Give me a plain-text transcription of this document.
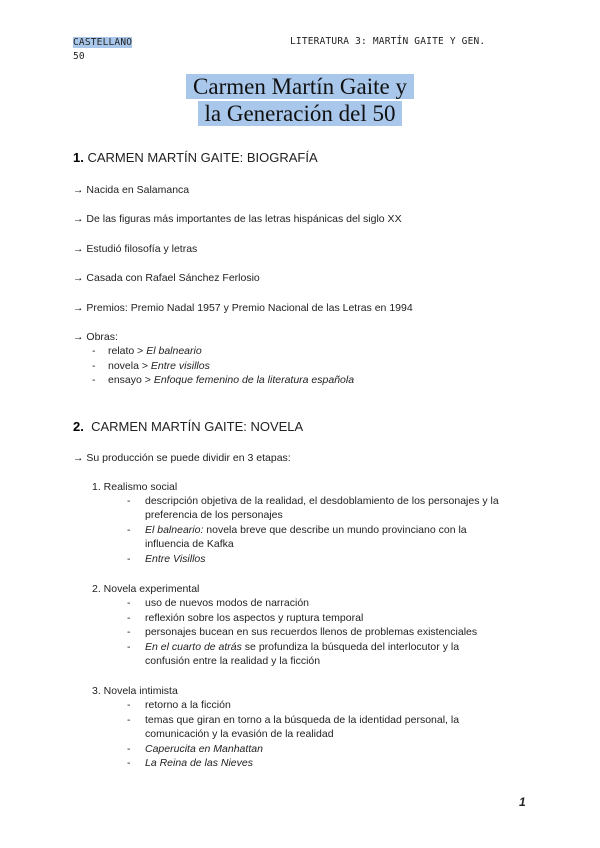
CASTELLANO
50
LITERATURA 3: MARTÍN GAITE Y GEN.
Carmen Martín Gaite y
la Generación del 50
1. CARMEN MARTÍN GAITE: BIOGRAFÍA
→ Nacida en Salamanca
→ De las figuras más importantes de las letras hispánicas del siglo XX
→ Estudió filosofía y letras
→ Casada con Rafael Sánchez Ferlosio
→ Premios: Premio Nadal 1957 y Premio Nacional de las Letras en 1994
→ Obras:
- relato > El balneario
- novela > Entre visillos
- ensayo > Enfoque femenino de la literatura española
2. CARMEN MARTÍN GAITE: NOVELA
→ Su producción se puede dividir en 3 etapas:
1. Realismo social
- descripción objetiva de la realidad, el desdoblamiento de los personajes y la
preferencia de los personajes
- El balneario: novela breve que describe un mundo provinciano con la
influencia de Kafka
- Entre Visillos
2. Novela experimental
- uso de nuevos modos de narración
- reflexión sobre los aspectos y ruptura temporal
- personajes bucean en sus recuerdos llenos de problemas existenciales
- En el cuarto de atrás se profundiza la búsqueda del interlocutor y la
confusión entre la realidad y la ficción
3. Novela intimista
- retorno a la ficción
- temas que giran en torno a la búsqueda de la identidad personal, la
comunicación y la evasión de la realidad
- Caperucita en Manhattan
- La Reina de las Nieves
1
